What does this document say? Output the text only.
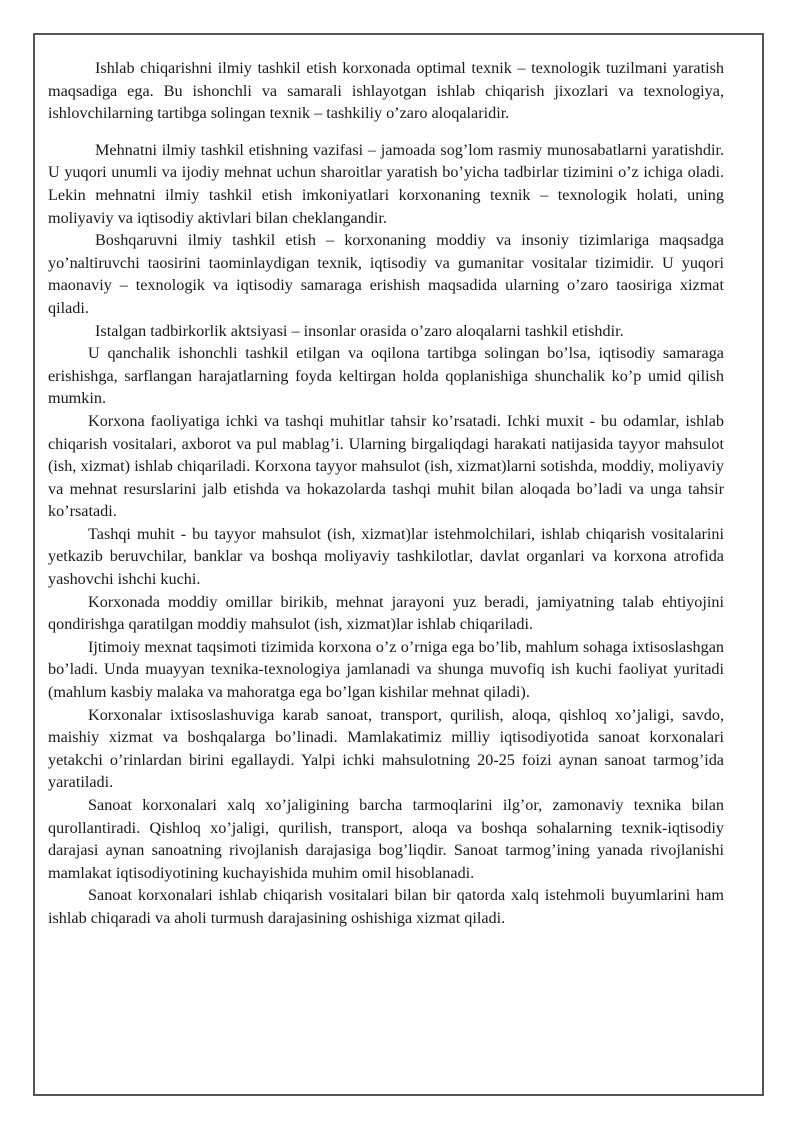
Ishlab chiqarishni ilmiy tashkil etish korxonada optimal texnik – texnologik tuzilmani yaratish maqsadiga ega. Bu ishonchli va samarali ishlayotgan ishlab chiqarish jixozlari va texnologiya, ishlovchilarning tartibga solingan texnik – tashkiliy o’zaro aloqalaridir.

Mehnatni ilmiy tashkil etishning vazifasi – jamoada sog’lom rasmiy munosabatlarni yaratishdir. U yuqori unumli va ijodiy mehnat uchun sharoitlar yaratish bo’yicha tadbirlar tizimini o’z ichiga oladi. Lekin mehnatni ilmiy tashkil etish imkoniyatlari korxonaning texnik – texnologik holati, uning moliyaviy va iqtisodiy aktivlari bilan cheklangandir.

Boshqaruvni ilmiy tashkil etish – korxonaning moddiy va insoniy tizimlariga maqsadga yo’naltiruvchi taosirini taominlaydigan texnik, iqtisodiy va gumanitar vositalar tizimidir. U yuqori maonaviy – texnologik va iqtisodiy samaraga erishish maqsadida ularning o’zaro taosiriga xizmat qiladi.

Istalgan tadbirkorlik aktsiyasi – insonlar orasida o’zaro aloqalarni tashkil etishdir.

U qanchalik ishonchli tashkil etilgan va oqilona tartibga solingan bo’lsa, iqtisodiy samaraga erishishga, sarflangan harajatlarning foyda keltirgan holda qoplanishiga shunchalik ko’p umid qilish mumkin.

Korxona faoliyatiga ichki va tashqi muhitlar tahsir ko’rsatadi. Ichki muxit - bu odamlar, ishlab chiqarish vositalari, axborot va pul mablag’i. Ularning birgaliqdagi harakati natijasida tayyor mahsulot (ish, xizmat) ishlab chiqariladi. Korxona tayyor mahsulot (ish, xizmat)larni sotishda, moddiy, moliyaviy va mehnat resurslarini jalb etishda va hokazolarda tashqi muhit bilan aloqada bo’ladi va unga tahsir ko’rsatadi.

Tashqi muhit - bu tayyor mahsulot (ish, xizmat)lar istehmolchilari, ishlab chiqarish vositalarini yetkazib beruvchilar, banklar va boshqa moliyaviy tashkilotlar, davlat organlari va korxona atrofida yashovchi ishchi kuchi.

Korxonada moddiy omillar birikib, mehnat jarayoni yuz beradi, jamiyatning talab ehtiyojini qondirishga qaratilgan moddiy mahsulot (ish, xizmat)lar ishlab chiqariladi.

Ijtimoiy mexnat taqsimoti tizimida korxona o’z o’rniga ega bo’lib, mahlum sohaga ixtisoslashgan bo’ladi. Unda muayyan texnika-texnologiya jamlanadi va shunga muvofiq ish kuchi faoliyat yuritadi (mahlum kasbiy malaka va mahoratga ega bo’lgan kishilar mehnat qiladi).

Korxonalar ixtisoslashuviga karab sanoat, transport, qurilish, aloqa, qishloq xo’jaligi, savdo, maishiy xizmat va boshqalarga bo’linadi. Mamlakatimiz milliy iqtisodiyotida sanoat korxonalari yetakchi o’rinlardan birini egallaydi. Yalpi ichki mahsulotning 20-25 foizi aynan sanoat tarmog’ida yaratiladi.

Sanoat korxonalari xalq xo’jaligining barcha tarmoqlarini ilg’or, zamonaviy texnika bilan qurollantiradi. Qishloq xo’jaligi, qurilish, transport, aloqa va boshqa sohalarning texnik-iqtisodiy darajasi aynan sanoatning rivojlanish darajasiga bog’liqdir. Sanoat tarmog’ining yanada rivojlanishi mamlakat iqtisodiyotining kuchayishida muhim omil hisoblanadi.

Sanoat korxonalari ishlab chiqarish vositalari bilan bir qatorda xalq istehmoli buyumlarini ham ishlab chiqaradi va aholi turmush darajasining oshishiga xizmat qiladi.
